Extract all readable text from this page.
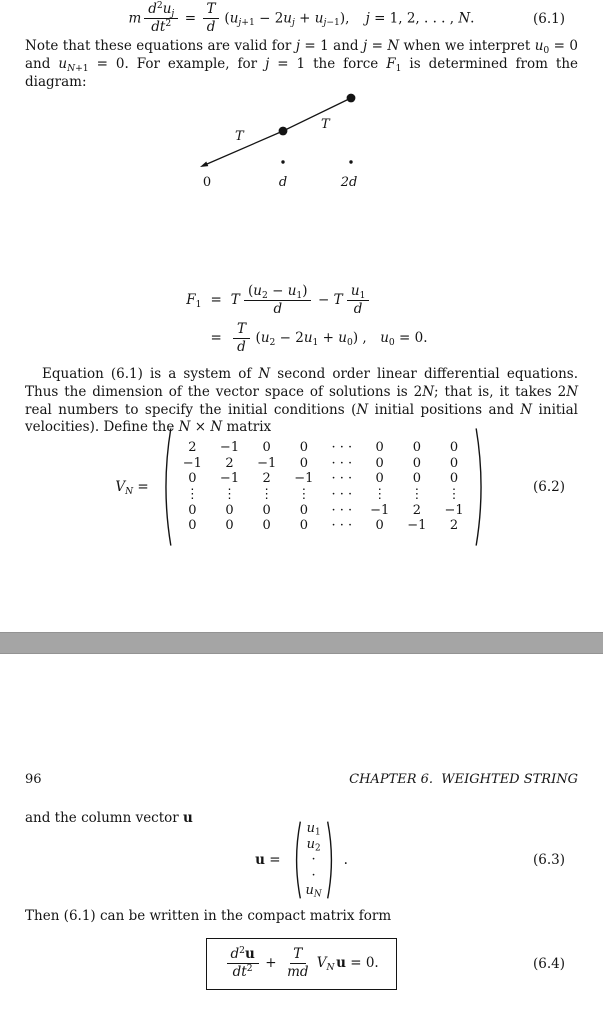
m $\frac{d^2u_j}{dt^2} = \frac{T}{d} (u_{j+1} - 2u_j + u_{j-1})$, j = 1, 2, . . . , N.	(6.1)

Note that these equations are valid for j = 1 and j = N when we interpret $u_0 = 0$ and $u_{N+1} = 0$. For example, for j = 1 the force $F_1$ is determined from the diagram:

T
T
0	d	2d
$F_1 = T \frac{(u_2 - u_1)}{d} - T \frac{u_1}{d}$
= $\frac{T}{d} (u_2 - 2u_1 + u_0)$ , $u_0 = 0$.

Equation (6.1) is a system of N second order linear differential equations. Thus the dimension of the vector space of solutions is 2N; that is, it takes 2N real numbers to specify the initial conditions (N initial positions and N initial velocities). Define the N × N matrix

$V_N =2$	−1	0	0	· · ·	0	0	0
−1	2	−1	0	· · ·	0	0	0
0	−1	2	−1	· · ·	0	0	0
⋮	⋮	⋮	⋮	· · ·	⋮	⋮	⋮
0	0	0	0	· · ·	−1	2	−1
0	0	0	0	· · ·	0	−1	2
(6.2)
96	CHAPTER 6.  WEIGHTED STRING

and the column vector u

$u =u_1$
$u_2$
·
·
$u_N$.	(6.3)

Then (6.1) can be written in the compact matrix form

$\frac{d^2u}{dt^2} + \frac{T}{md} V_N$ u = 0.	(6.4)
